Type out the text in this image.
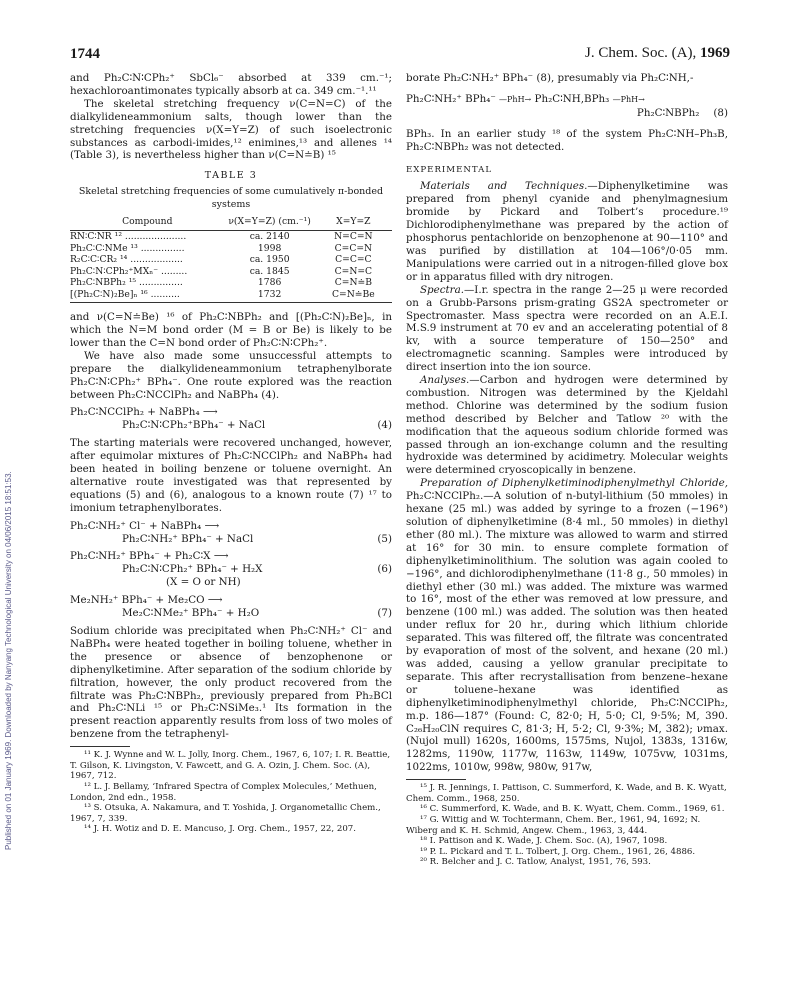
Published on 01 January 1969. Downloaded by Nanyang Technological University on 04/06/2015 18:51:53.
1744	J. Chem. Soc. (A), 1969

and Ph₂C∶N∶CPh₂⁺ SbCl₆⁻ absorbed at 339 cm.⁻¹; hexachloroantimonates typically absorb at ca. 349 cm.⁻¹.¹¹

The skeletal stretching frequency ν(C=N=C) of the dialkylideneammonium salts, though lower than the stretching frequencies ν(X=Y=Z) of such isoelectronic substances as carbodi-imides,¹² enimines,¹³ and allenes ¹⁴ (Table 3), is nevertheless higher than ν(C=N≐B) ¹⁵

TABLE 3
Skeletal stretching frequencies of some cumulatively π-bonded systems
Compound	ν(X=Y=Z) (cm.⁻¹)	X=Y=Z

RN∶C∶NR ¹² .....................	ca. 2140	N=C=N
Ph₂C∶C∶NMe ¹³ ...............	1998	C=C=N
R₂C∶C∶CR₂ ¹⁴ ..................	ca. 1950	C=C=C
Ph₂C∶N∶CPh₂⁺MXₙ⁻ .........	ca. 1845	C=N=C
Ph₂C∶NBPh₂ ¹⁵ ...............	1786	C=N≐B
[(Ph₂C∶N)₂Be]ₙ ¹⁶ ..........	1732	C=N≐Be

and ν(C=N≐Be) ¹⁶ of Ph₂C∶NBPh₂ and [(Ph₂C∶N)₂Be]ₙ, in which the N=M bond order (M = B or Be) is likely to be lower than the C=N bond order of Ph₂C∶N∶CPh₂⁺.

We have also made some unsuccessful attempts to prepare the dialkylideneammonium tetraphenylborate Ph₂C∶N∶CPh₂⁺ BPh₄⁻. One route explored was the reaction between Ph₂C∶NCClPh₂ and NaBPh₄ (4).

Ph₂C∶NCClPh₂ + NaBPh₄ ⟶
Ph₂C∶N∶CPh₂⁺BPh₄⁻ + NaCl	(4)

The starting materials were recovered unchanged, however, after equimolar mixtures of Ph₂C∶NCClPh₂ and NaBPh₄ had been heated in boiling benzene or toluene overnight. An alternative route investigated was that represented by equations (5) and (6), analogous to a known route (7) ¹⁷ to imonium tetraphenylborates.

Ph₂C∶NH₂⁺ Cl⁻ + NaBPh₄ ⟶
Ph₂C∶NH₂⁺ BPh₄⁻ + NaCl	(5)
Ph₂C∶NH₂⁺ BPh₄⁻ + Ph₂C∶X ⟶
Ph₂C∶N∶CPh₂⁺ BPh₄⁻ + H₂X	(6)
(X = O or NH)
Me₂NH₂⁺ BPh₄⁻ + Me₂CO ⟶
Me₂C∶NMe₂⁺ BPh₄⁻ + H₂O	(7)

Sodium chloride was precipitated when Ph₂C∶NH₂⁺ Cl⁻ and NaBPh₄ were heated together in boiling toluene, whether in the presence or absence of benzophenone or diphenylketimine. After separation of the sodium chloride by filtration, however, the only product recovered from the filtrate was Ph₂C∶NBPh₂, previously prepared from Ph₂BCl and Ph₂C∶NLi ¹⁵ or Ph₂C∶NSiMe₃.¹ Its formation in the present reaction apparently results from loss of two moles of benzene from the tetraphenyl-

¹¹ K. J. Wynne and W. L. Jolly, Inorg. Chem., 1967, 6, 107; I. R. Beattie, T. Gilson, K. Livingston, V. Fawcett, and G. A. Ozin, J. Chem. Soc. (A), 1967, 712.

¹² L. J. Bellamy, ‘Infrared Spectra of Complex Molecules,’ Methuen, London, 2nd edn., 1958.

¹³ S. Otsuka, A. Nakamura, and T. Yoshida, J. Organometallic Chem., 1967, 7, 339.

¹⁴ J. H. Wotiz and D. E. Mancuso, J. Org. Chem., 1957, 22, 207.

borate Ph₂C∶NH₂⁺ BPh₄⁻ (8), presumably via Ph₂C∶NH,-

Ph₂C∶NH₂⁺ BPh₄⁻ —PhH→ Ph₂C∶NH,BPh₃ —PhH→
Ph₂C∶NBPh₂ (8)

BPh₃. In an earlier study ¹⁸ of the system Ph₂C∶NH–Ph₃B, Ph₂C∶NBPh₂ was not detected.

EXPERIMENTAL

Materials and Techniques.—Diphenylketimine was prepared from phenyl cyanide and phenylmagnesium bromide by Pickard and Tolbert’s procedure.¹⁹ Dichlorodiphenylmethane was prepared by the action of phosphorus pentachloride on benzophenone at 90—110° and was purified by distillation at 104—106°/0·05 mm. Manipulations were carried out in a nitrogen-filled glove box or in apparatus filled with dry nitrogen.

Spectra.—I.r. spectra in the range 2—25 μ were recorded on a Grubb-Parsons prism-grating GS2A spectrometer or Spectromaster. Mass spectra were recorded on an A.E.I. M.S.9 instrument at 70 ev and an accelerating potential of 8 kv, with a source temperature of 150—250° and electromagnetic scanning. Samples were introduced by direct insertion into the ion source.

Analyses.—Carbon and hydrogen were determined by combustion. Nitrogen was determined by the Kjeldahl method. Chlorine was determined by the sodium fusion method described by Belcher and Tatlow ²⁰ with the modification that the aqueous sodium chloride formed was passed through an ion-exchange column and the resulting hydroxide was determined by acidimetry. Molecular weights were determined cryoscopically in benzene.

Preparation of Diphenylketiminodiphenylmethyl Chloride, Ph₂C∶NCClPh₂.—A solution of n-butyl-lithium (50 mmoles) in hexane (25 ml.) was added by syringe to a frozen (−196°) solution of diphenylketimine (8·4 ml., 50 mmoles) in diethyl ether (80 ml.). The mixture was allowed to warm and stirred at 16° for 30 min. to ensure complete formation of diphenylketiminolithium. The solution was again cooled to −196°, and dichlorodiphenylmethane (11·8 g., 50 mmoles) in diethyl ether (30 ml.) was added. The mixture was warmed to 16°, most of the ether was removed at low pressure, and benzene (100 ml.) was added. The solution was then heated under reflux for 20 hr., during which lithium chloride separated. This was filtered off, the filtrate was concentrated by evaporation of most of the solvent, and hexane (20 ml.) was added, causing a yellow granular precipitate to separate. This after recrystallisation from benzene–hexane or toluene–hexane was identified as diphenylketiminodiphenylmethyl chloride, Ph₂C∶NCClPh₂, m.p. 186—187° (Found: C, 82·0; H, 5·0; Cl, 9·5%; M, 390. C₂₆H₂₀ClN requires C, 81·3; H, 5·2; Cl, 9·3%; M, 382); νmax. (Nujol mull) 1620s, 1600ms, 1575ms, Nujol, 1383s, 1316w, 1282ms, 1190w, 1177w, 1163w, 1149w, 1075vw, 1031ms, 1022ms, 1010w, 998w, 980w, 917w,

¹⁵ J. R. Jennings, I. Pattison, C. Summerford, K. Wade, and B. K. Wyatt, Chem. Comm., 1968, 250.

¹⁶ C. Summerford, K. Wade, and B. K. Wyatt, Chem. Comm., 1969, 61.

¹⁷ G. Wittig and W. Tochtermann, Chem. Ber., 1961, 94, 1692; N. Wiberg and K. H. Schmid, Angew. Chem., 1963, 3, 444.

¹⁸ I. Pattison and K. Wade, J. Chem. Soc. (A), 1967, 1098.

¹⁹ P. L. Pickard and T. L. Tolbert, J. Org. Chem., 1961, 26, 4886.

²⁰ R. Belcher and J. C. Tatlow, Analyst, 1951, 76, 593.
